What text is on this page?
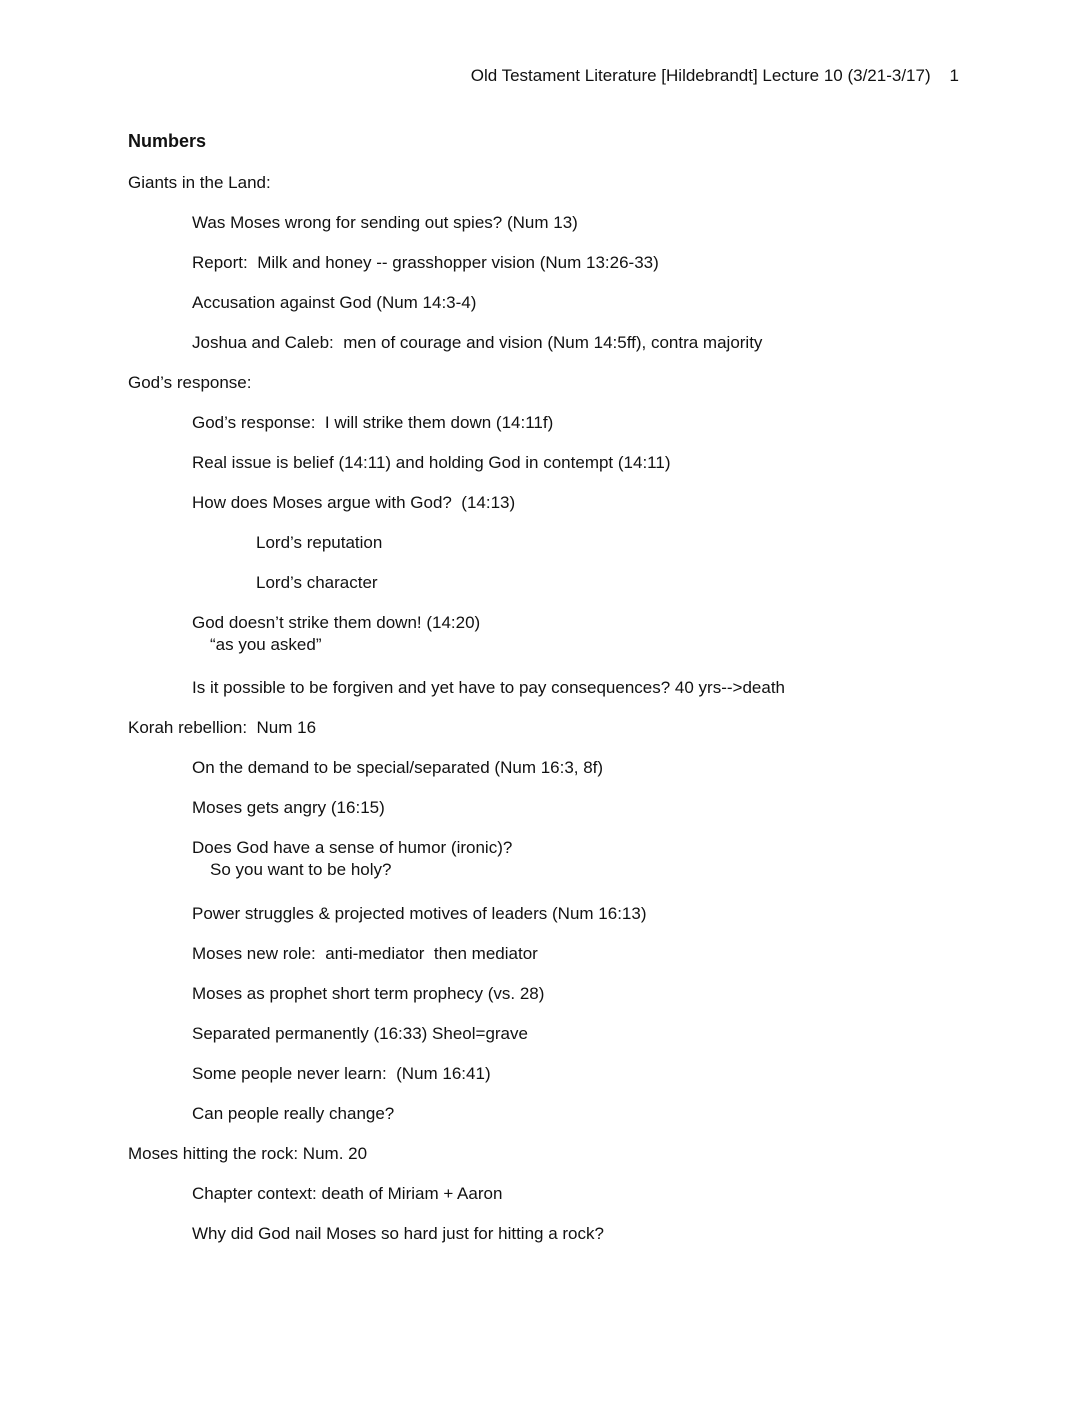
Old Testament Literature [Hildebrandt] Lecture 10 (3/21-3/17) 1
Numbers
Giants in the Land:
Was Moses wrong for sending out spies? (Num 13)
Report:  Milk and honey -- grasshopper vision (Num 13:26-33)
Accusation against God (Num 14:3-4)
Joshua and Caleb:  men of courage and vision (Num 14:5ff), contra majority
God’s response:
God’s response:  I will strike them down (14:11f)
Real issue is belief (14:11) and holding God in contempt (14:11)
How does Moses argue with God?  (14:13)
Lord’s reputation
Lord’s character
God doesn’t strike them down! (14:20)

“as you asked”
Is it possible to be forgiven and yet have to pay consequences? 40 yrs-->death
Korah rebellion:  Num 16
On the demand to be special/separated (Num 16:3, 8f)
Moses gets angry (16:15)
Does God have a sense of humor (ironic)?

So you want to be holy?
Power struggles & projected motives of leaders (Num 16:13)
Moses new role:  anti-mediator  then mediator
Moses as prophet short term prophecy (vs. 28)
Separated permanently (16:33) Sheol=grave
Some people never learn:  (Num 16:41)
Can people really change?
Moses hitting the rock: Num. 20
Chapter context: death of Miriam + Aaron
Why did God nail Moses so hard just for hitting a rock?
